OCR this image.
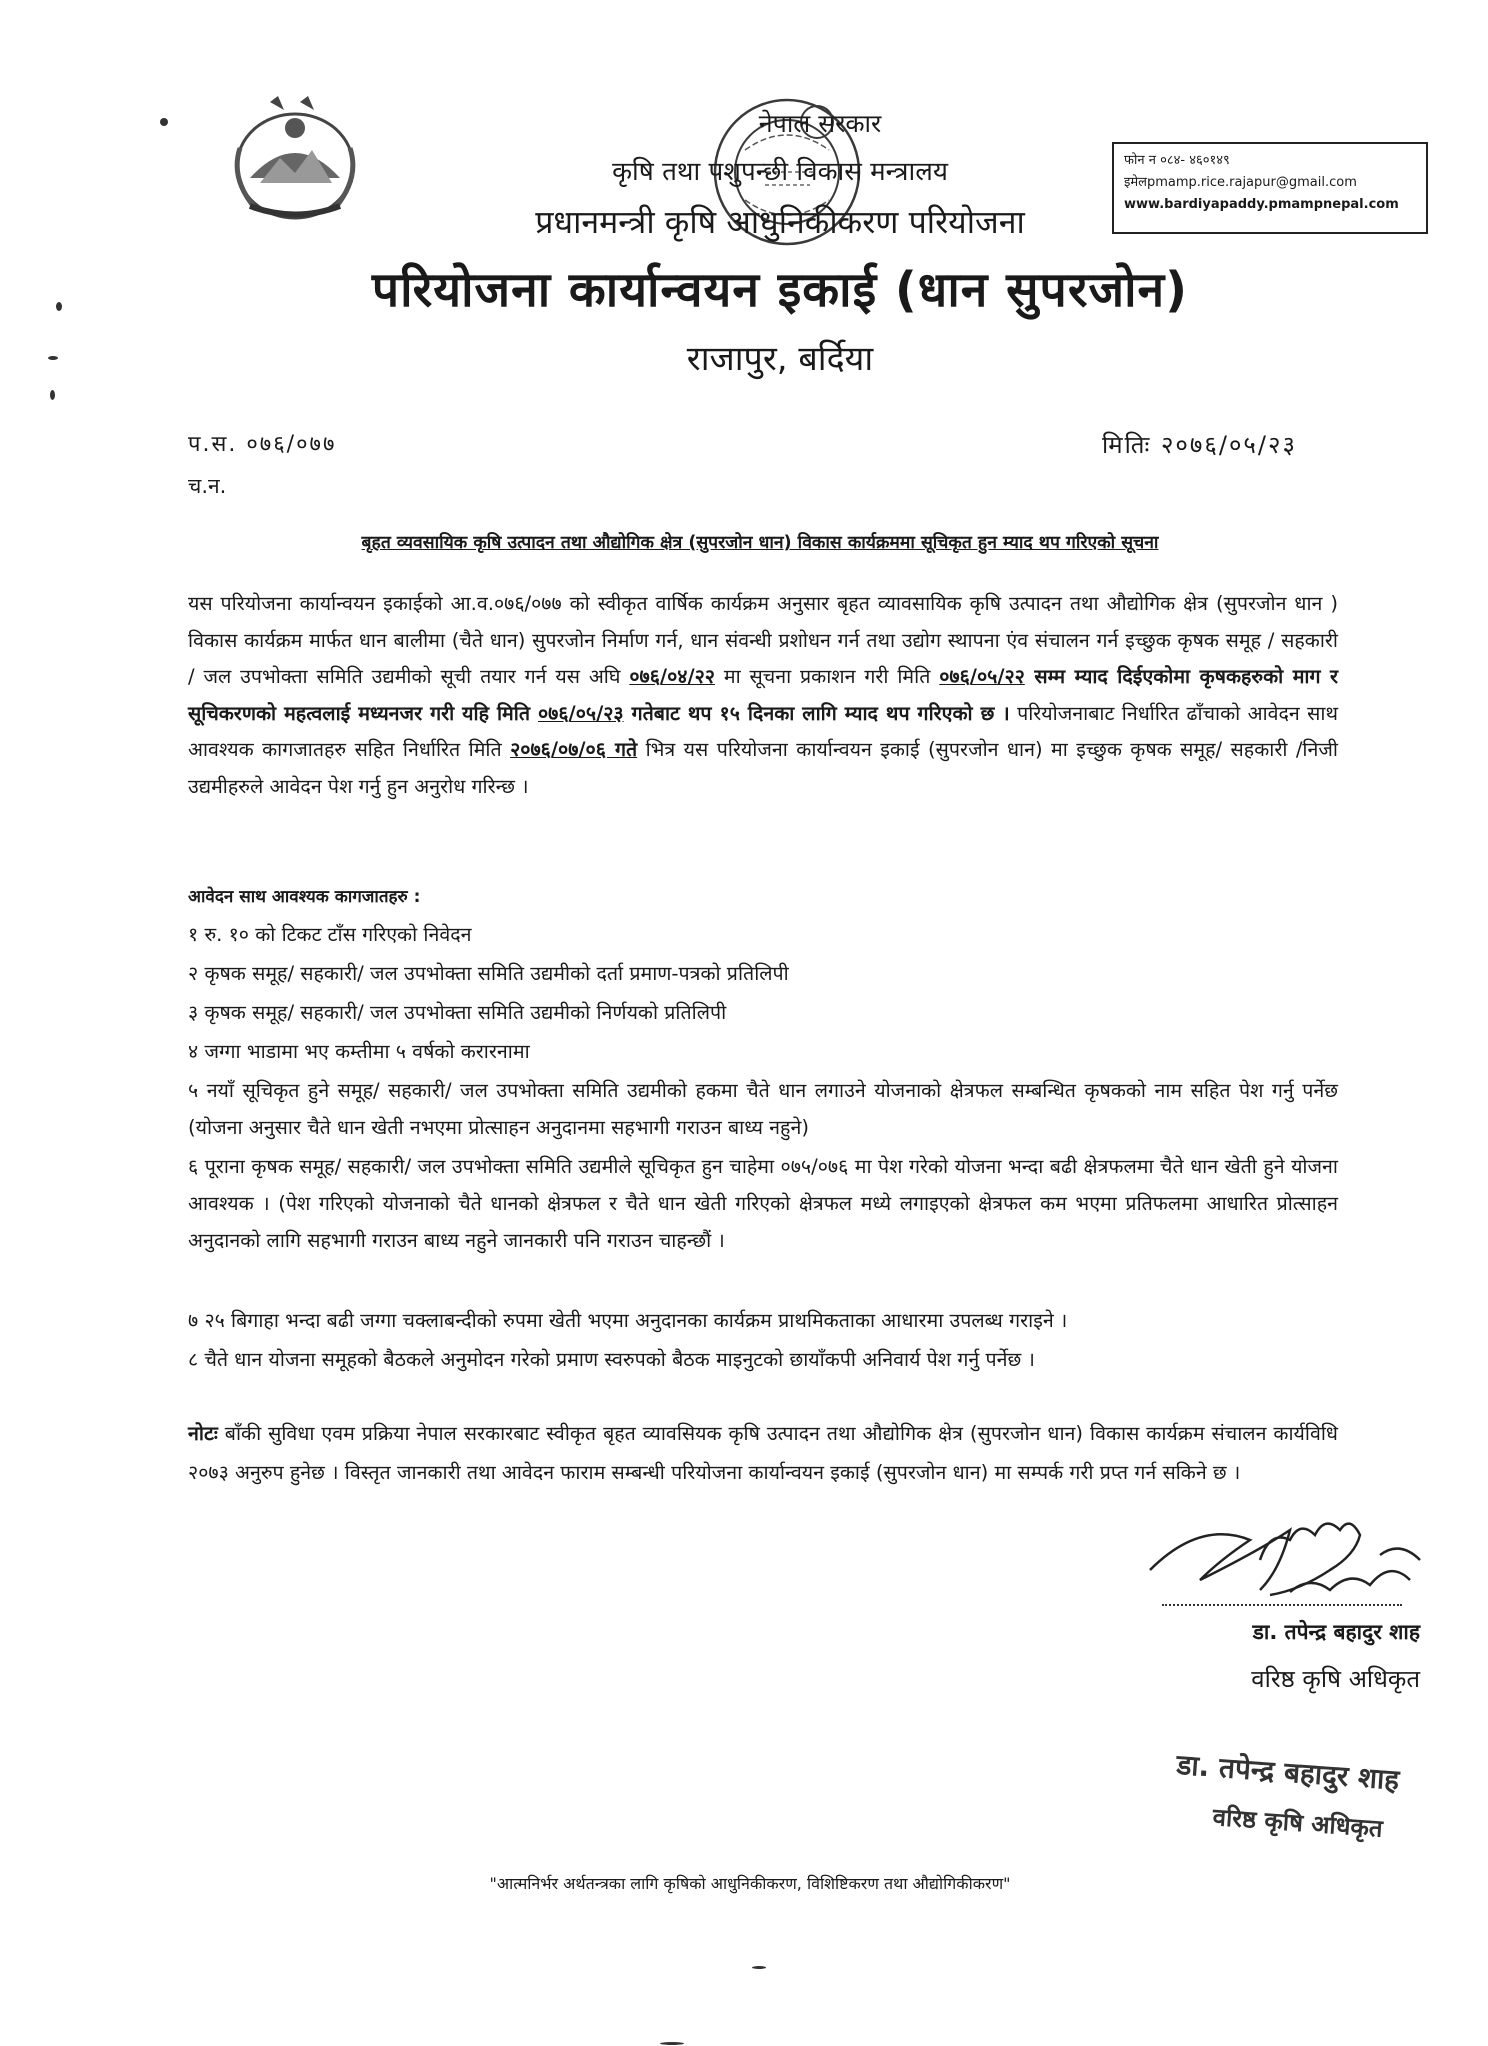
नेपाल सरकार
कृषि तथा पशुपन्छी विकास मन्त्रालय
प्रधानमन्त्री कृषि आधुनिकीकरण परियोजना
परियोजना कार्यान्वयन इकाई (धान सुपरजोन)
राजापुर, बर्दिया
फोन न ०८४- ४६०१४९
इमेलpmamp.rice.rajapur@gmail.com
www.bardiyapaddy.pmampnepal.com
प.स. ०७६/०७७
च.न.
मितिः २०७६/०५/२३
बृहत व्यवसायिक कृषि उत्पादन तथा औद्योगिक क्षेत्र (सुपरजोन धान) विकास कार्यक्रममा सूचिकृत हुन म्याद थप गरिएको सूचना
यस परियोजना कार्यान्वयन इकाईको आ.व.०७६/०७७ को स्वीकृत वार्षिक कार्यक्रम अनुसार बृहत व्यावसायिक कृषि उत्पादन तथा औद्योगिक क्षेत्र (सुपरजोन धान ) विकास कार्यक्रम मार्फत धान बालीमा (चैते धान) सुपरजोन निर्माण गर्न, धान संवन्धी प्रशोधन गर्न तथा उद्योग स्थापना एंव संचालन गर्न इच्छुक कृषक समूह / सहकारी / जल उपभोक्ता समिति उद्यमीको सूची तयार गर्न यस अघि ०७६/०४/२२ मा सूचना प्रकाशन गरी मिति ०७६/०५/२२ सम्म म्याद दिईएकोमा कृषकहरुको माग र सूचिकरणको महत्वलाई मध्यनजर गरी यहि मिति ०७६/०५/२३ गतेबाट थप १५ दिनका लागि म्याद थप गरिएको छ । परियोजनाबाट निर्धारित ढाँचाको आवेदन साथ आवश्यक कागजातहरु सहित निर्धारित मिति २०७६/०७/०६ गते भित्र यस परियोजना कार्यान्वयन इकाई (सुपरजोन धान) मा इच्छुक कृषक समूह/ सहकारी /निजी उद्यमीहरुले आवेदन पेश गर्नु हुन अनुरोध गरिन्छ ।
आवेदन साथ आवश्यक कागजातहरु :
१ रु. १० को टिकट टाँस गरिएको निवेदन
२ कृषक समूह/ सहकारी/ जल उपभोक्ता समिति उद्यमीको दर्ता प्रमाण-पत्रको प्रतिलिपी
३ कृषक समूह/ सहकारी/ जल उपभोक्ता समिति उद्यमीको निर्णयको प्रतिलिपी
४ जग्गा भाडामा भए कम्तीमा ५ वर्षको करारनामा
५ नयाँ सूचिकृत हुने समूह/ सहकारी/ जल उपभोक्ता समिति उद्यमीको हकमा चैते धान लगाउने योजनाको क्षेत्रफल सम्बन्धित कृषकको नाम सहित पेश गर्नु पर्नेछ (योजना अनुसार चैते धान खेती नभएमा प्रोत्साहन अनुदानमा सहभागी गराउन बाध्य नहुने)
६ पूराना कृषक समूह/ सहकारी/ जल उपभोक्ता समिति उद्यमीले सूचिकृत हुन चाहेमा ०७५/०७६ मा पेश गरेको योजना भन्दा बढी क्षेत्रफलमा चैते धान खेती हुने योजना आवश्यक । (पेश गरिएको योजनाको चैते धानको क्षेत्रफल र चैते धान खेती गरिएको क्षेत्रफल मध्ये लगाइएको क्षेत्रफल कम भएमा प्रतिफलमा आधारित प्रोत्साहन अनुदानको लागि सहभागी गराउन बाध्य नहुने जानकारी पनि गराउन चाहन्छौं ।
७ २५ बिगाहा भन्दा बढी जग्गा चक्लाबन्दीको रुपमा खेती भएमा अनुदानका कार्यक्रम प्राथमिकताका आधारमा उपलब्ध गराइने ।
८ चैते धान योजना समूहको बैठकले अनुमोदन गरेको प्रमाण स्वरुपको बैठक माइनुटको छायाँकपी अनिवार्य पेश गर्नु पर्नेछ ।
नोटः बाँकी सुविधा एवम प्रक्रिया नेपाल सरकारबाट स्वीकृत बृहत व्यावसियक कृषि उत्पादन तथा औद्योगिक क्षेत्र (सुपरजोन धान) विकास कार्यक्रम संचालन कार्यविधि २०७३ अनुरुप हुनेछ । विस्तृत जानकारी तथा आवेदन फाराम सम्बन्धी परियोजना कार्यान्वयन इकाई (सुपरजोन धान) मा सम्पर्क गरी प्रप्त गर्न सकिने छ ।
डा. तपेन्द्र बहादुर शाह
वरिष्ठ कृषि अधिकृत
डा. तपेन्द्र बहादुर शाह
वरिष्ठ कृषि अधिकृत
"आत्मनिर्भर अर्थतन्त्रका लागि कृषिको आधुनिकीकरण, विशिष्टिकरण तथा औद्योगिकीकरण"
